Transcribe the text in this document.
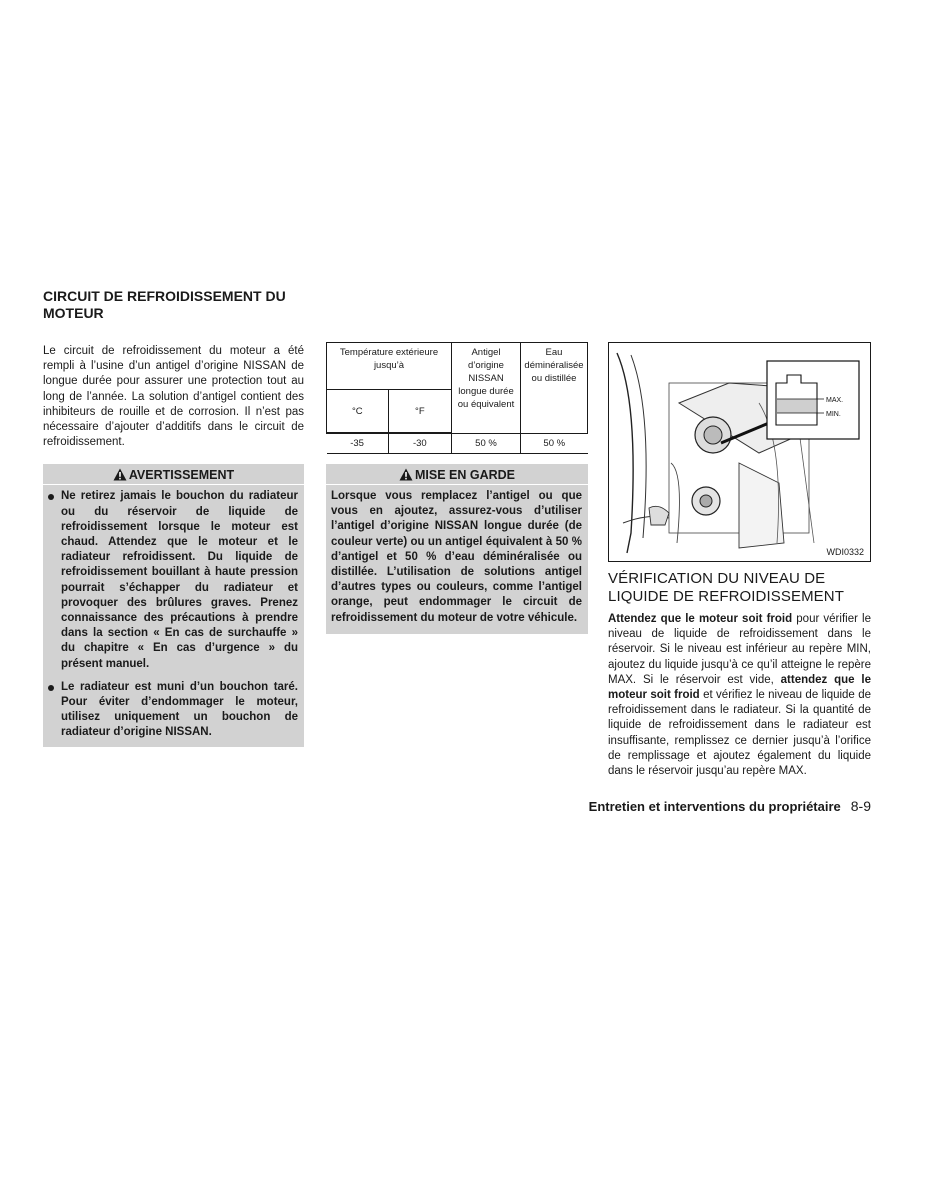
CIRCUIT DE REFROIDISSEMENT DU MOTEUR

Le circuit de refroidissement du moteur a été rempli à l’usine d’un antigel d’origine NISSAN de longue durée pour assurer une protection tout au long de l’année. La solution d’antigel contient des inhibiteurs de rouille et de corrosion. Il n’est pas nécessaire d’ajouter d’additifs dans le circuit de refroidissement.

AVERTISSEMENT
Ne retirez jamais le bouchon du radiateur ou du réservoir de liquide de refroidissement lorsque le moteur est chaud. Attendez que le moteur et le radiateur refroidissent. Du liquide de refroidissement bouillant à haute pression pourrait s’échapper du radiateur et provoquer des brûlures graves. Prenez connaissance des précautions à prendre dans la section « En cas de surchauffe » du chapitre « En cas d’urgence » du présent manuel.
Le radiateur est muni d’un bouchon taré. Pour éviter d’endommager le moteur, utilisez uniquement un bouchon de radiateur d’origine NISSAN.
Température extérieure jusqu’à		Antigel d’origine NISSAN longue durée ou équivalent	Eau déminéralisée ou distillée
°C	°F		
-35	-30	50 %	50 %
MISE EN GARDE
Lorsque vous remplacez l’antigel ou que vous en ajoutez, assurez-vous d’utiliser l’antigel d’origine NISSAN longue durée (de couleur verte) ou un antigel équivalent à 50 % d’antigel et 50 % d’eau déminéralisée ou distillée. L’utilisation de solutions antigel d’autres types ou couleurs, comme l’antigel orange, peut endommager le circuit de refroidissement du moteur de votre véhicule.
MAX.
MIN.
WDI0332
VÉRIFICATION DU NIVEAU DE LIQUIDE DE REFROIDISSEMENT

Attendez que le moteur soit froid pour vérifier le niveau de liquide de refroidissement dans le réservoir. Si le niveau est inférieur au repère MIN, ajoutez du liquide jusqu’à ce qu’il atteigne le repère MAX. Si le réservoir est vide, attendez que le moteur soit froid et vérifiez le niveau de liquide de refroidissement dans le radiateur. Si la quantité de liquide de refroidissement dans le radiateur est insuffisante, remplissez ce dernier jusqu’à l’orifice de remplissage et ajoutez également du liquide dans le réservoir jusqu’au repère MAX.

Entretien et interventions du propriétaire 8-9
